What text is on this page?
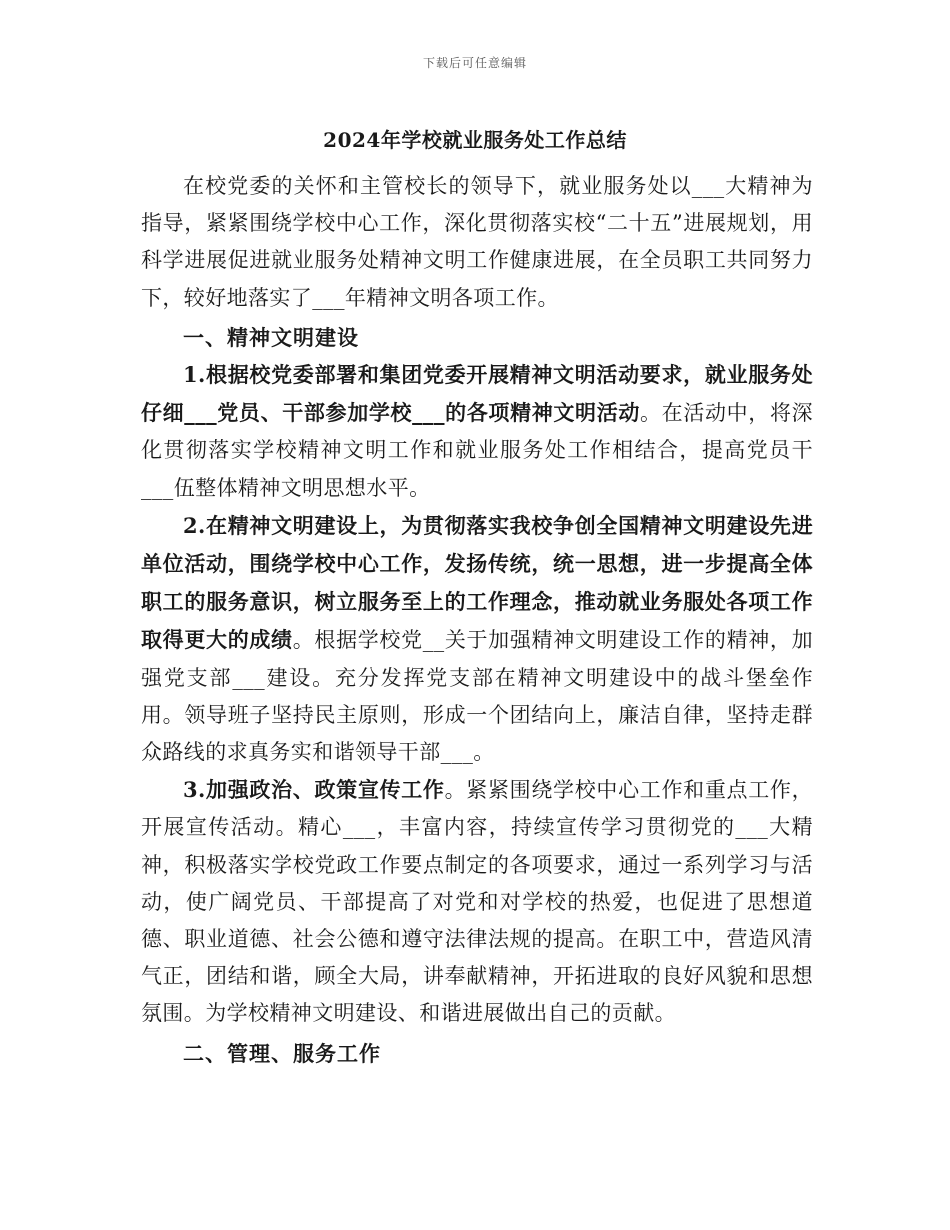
下载后可任意编辑
2024年学校就业服务处工作总结

在校党委的关怀和主管校长的领导下，就业服务处以___大精神为指导，紧紧围绕学校中心工作，深化贯彻落实校“二十五”进展规划，用科学进展促进就业服务处精神文明工作健康进展，在全员职工共同努力下，较好地落实了___年精神文明各项工作。

一、精神文明建设

1.根据校党委部署和集团党委开展精神文明活动要求，就业服务处仔细___党员、干部参加学校___的各项精神文明活动。在活动中，将深化贯彻落实学校精神文明工作和就业服务处工作相结合，提高党员干___伍整体精神文明思想水平。

2.在精神文明建设上，为贯彻落实我校争创全国精神文明建设先进单位活动，围绕学校中心工作，发扬传统，统一思想，进一步提高全体职工的服务意识，树立服务至上的工作理念，推动就业务服处各项工作取得更大的成绩。根据学校党__关于加强精神文明建设工作的精神，加强党支部___建设。充分发挥党支部在精神文明建设中的战斗堡垒作用。领导班子坚持民主原则，形成一个团结向上，廉洁自律，坚持走群众路线的求真务实和谐领导干部___。

3.加强政治、政策宣传工作。紧紧围绕学校中心工作和重点工作，开展宣传活动。精心___，丰富内容，持续宣传学习贯彻党的___大精神，积极落实学校党政工作要点制定的各项要求，通过一系列学习与活动，使广阔党员、干部提高了对党和对学校的热爱，也促进了思想道德、职业道德、社会公德和遵守法律法规的提高。在职工中，营造风清气正，团结和谐，顾全大局，讲奉献精神，开拓进取的良好风貌和思想氛围。为学校精神文明建设、和谐进展做出自己的贡献。

二、管理、服务工作
